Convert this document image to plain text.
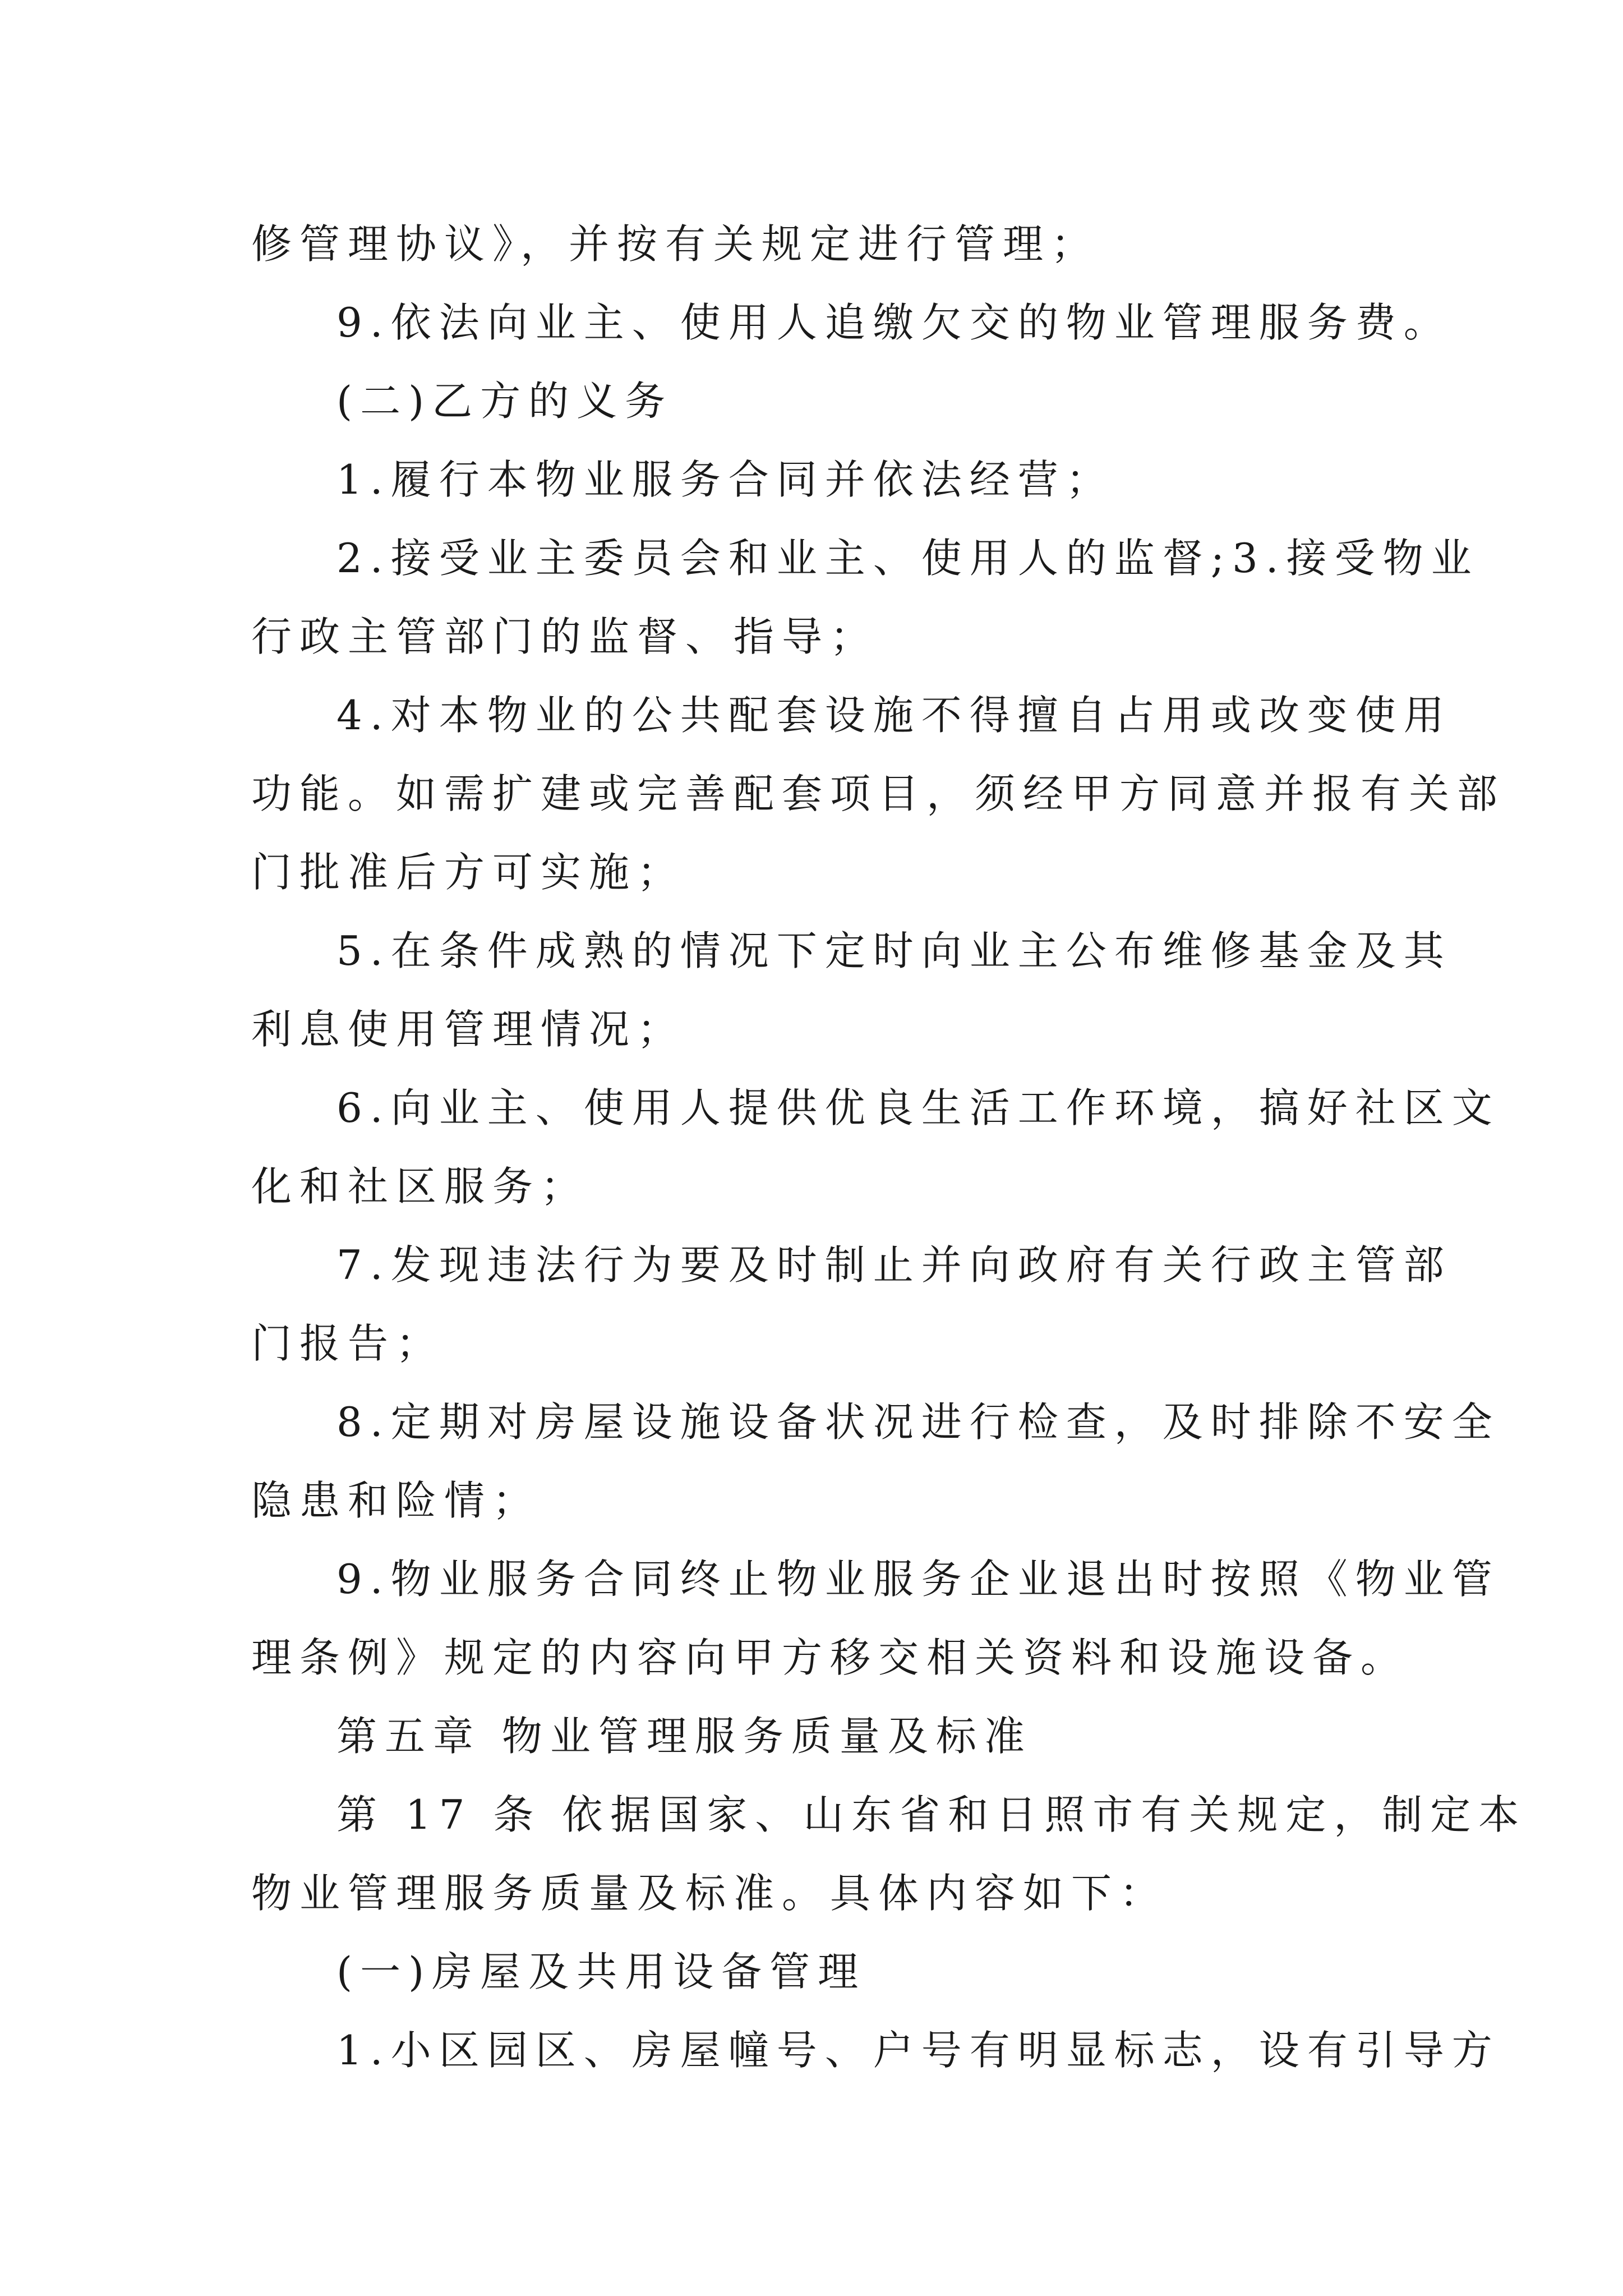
修管理协议》，并按有关规定进行管理；
9.依法向业主、使用人追缴欠交的物业管理服务费。
(二)乙方的义务
1.履行本物业服务合同并依法经营；
2.接受业主委员会和业主、使用人的监督;3.接受物业
行政主管部门的监督、指导；
4.对本物业的公共配套设施不得擅自占用或改变使用
功能。如需扩建或完善配套项目，须经甲方同意并报有关部
门批准后方可实施；
5.在条件成熟的情况下定时向业主公布维修基金及其
利息使用管理情况；
6.向业主、使用人提供优良生活工作环境，搞好社区文
化和社区服务；
7.发现违法行为要及时制止并向政府有关行政主管部
门报告；
8.定期对房屋设施设备状况进行检查，及时排除不安全
隐患和险情；
9.物业服务合同终止物业服务企业退出时按照《物业管
理条例》规定的内容向甲方移交相关资料和设施设备。
第五章 物业管理服务质量及标准
第 17 条 依据国家、山东省和日照市有关规定，制定本
物业管理服务质量及标准。具体内容如下：
(一)房屋及共用设备管理
1.小区园区、房屋幢号、户号有明显标志，设有引导方
